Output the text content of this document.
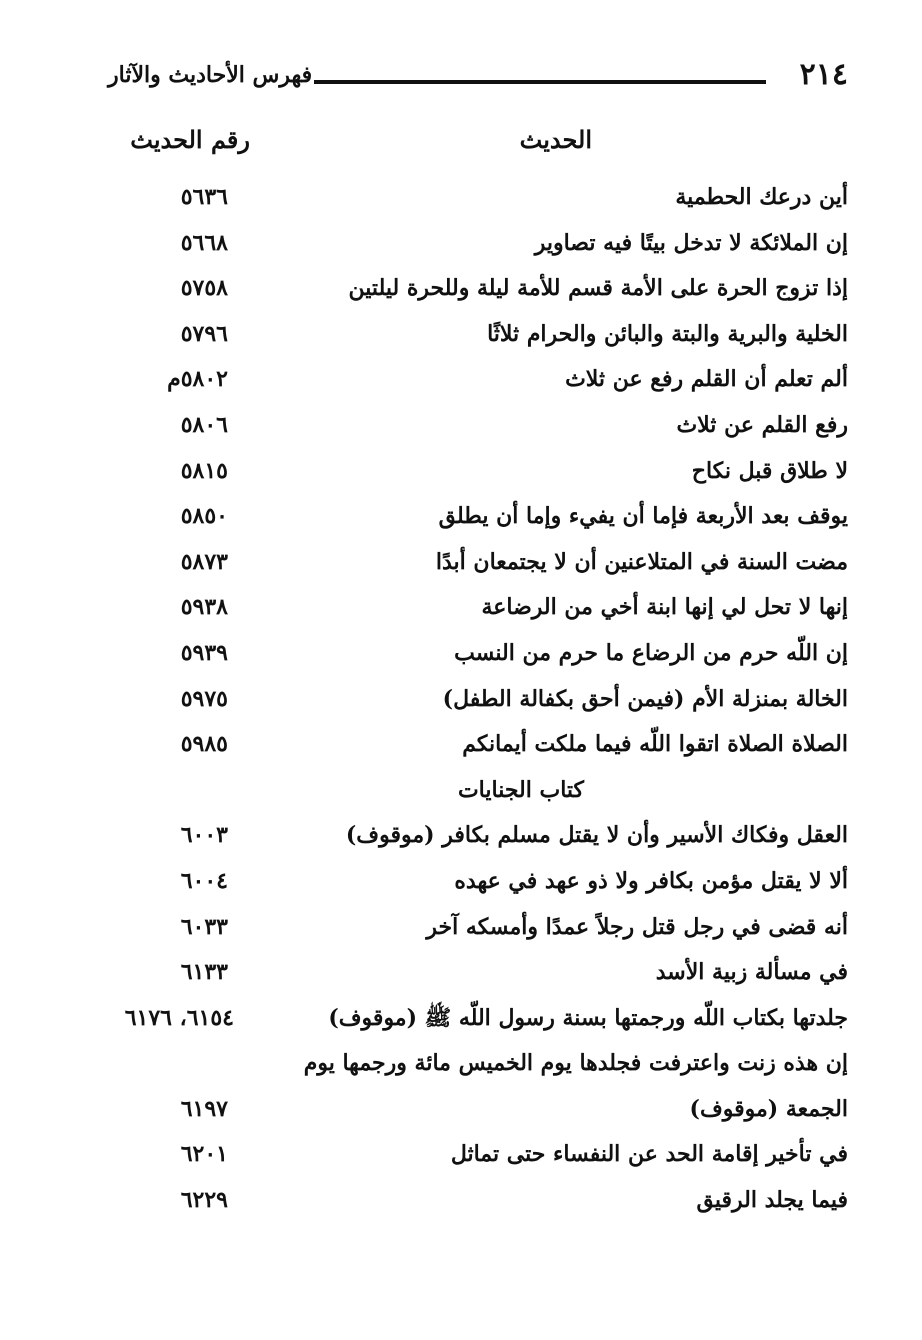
٢١٤
فهرس الأحاديث والآثار
الحديث
رقم الحديث
أين درعك الحطمية
٥٦٣٦
إن الملائكة لا تدخل بيتًا فيه تصاوير
٥٦٦٨
إذا تزوج الحرة على الأمة قسم للأمة ليلة وللحرة ليلتين
٥٧٥٨
الخلية والبرية والبتة والبائن والحرام ثلاثًا
٥٧٩٦
ألم تعلم أن القلم رفع عن ثلاث
٥٨٠٢م
رفع القلم عن ثلاث
٥٨٠٦
لا طلاق قبل نكاح
٥٨١٥
يوقف بعد الأربعة فإما أن يفيء وإما أن يطلق
٥٨٥٠
مضت السنة في المتلاعنين أن لا يجتمعان أبدًا
٥٨٧٣
إنها لا تحل لي إنها ابنة أخي من الرضاعة
٥٩٣٨
إن اللّه حرم من الرضاع ما حرم من النسب
٥٩٣٩
الخالة بمنزلة الأم (فيمن أحق بكفالة الطفل)
٥٩٧٥
الصلاة الصلاة اتقوا اللّه فيما ملكت أيمانكم
٥٩٨٥
كتاب الجنايات
العقل وفكاك الأسير وأن لا يقتل مسلم بكافر (موقوف)
٦٠٠٣
ألا لا يقتل مؤمن بكافر ولا ذو عهد في عهده
٦٠٠٤
أنه قضى في رجل قتل رجلاً عمدًا وأمسكه آخر
٦٠٣٣
في مسألة زبية الأسد
٦١٣٣
جلدتها بكتاب اللّه ورجمتها بسنة رسول اللّه ﷺ (موقوف)
٦١٥٤، ٦١٧٦
إن هذه زنت واعترفت فجلدها يوم الخميس مائة ورجمها يوم
الجمعة (موقوف)
٦١٩٧
في تأخير إقامة الحد عن النفساء حتى تماثل
٦٢٠١
فيما يجلد الرقيق
٦٢٢٩
